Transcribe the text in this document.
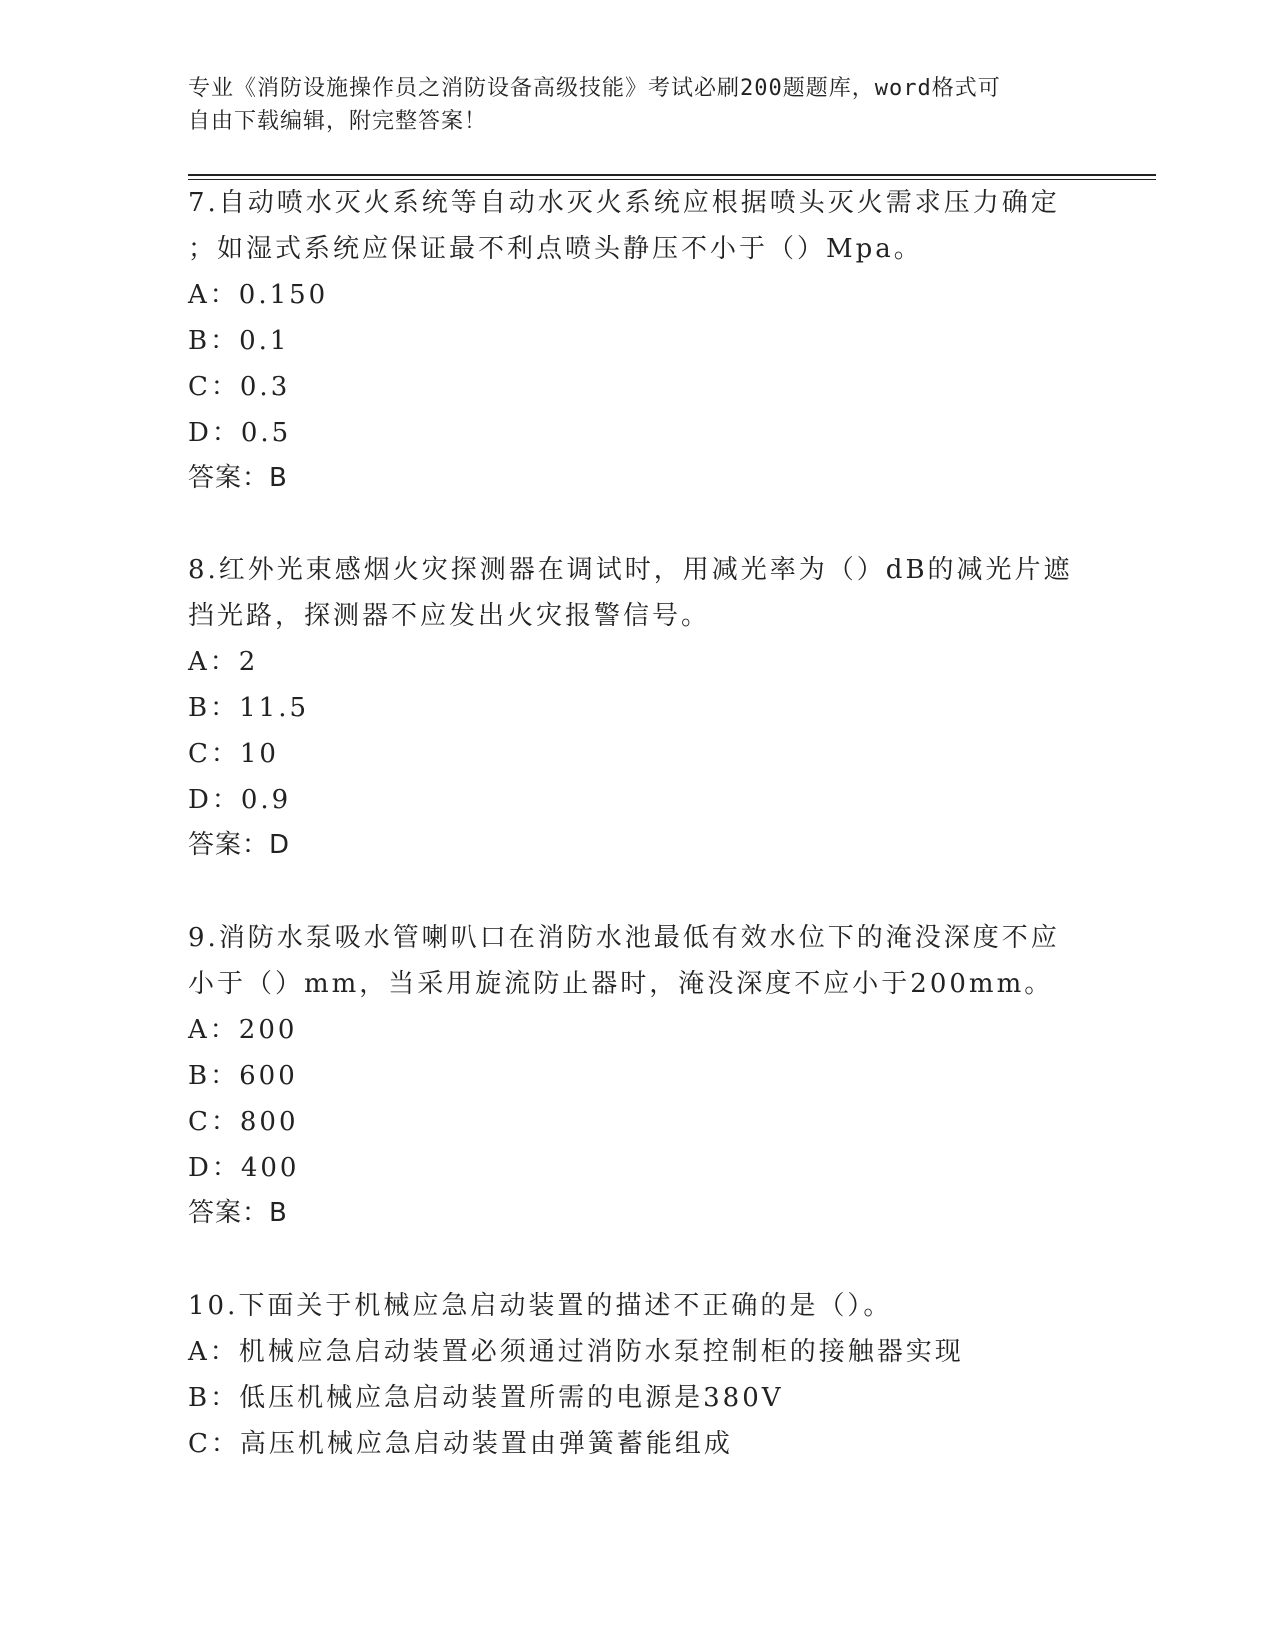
专业《消防设施操作员之消防设备高级技能》考试必刷200题题库，word格式可
自由下载编辑，附完整答案！
7.自动喷水灭火系统等自动水灭火系统应根据喷头灭火需求压力确定
；如湿式系统应保证最不利点喷头静压不小于（）Mpa。
A：0.150
B：0.1
C：0.3
D：0.5
答案：B
8.红外光束感烟火灾探测器在调试时，用减光率为（）dB的减光片遮
挡光路，探测器不应发出火灾报警信号。
A：2
B：11.5
C：10
D：0.9
答案：D
9.消防水泵吸水管喇叭口在消防水池最低有效水位下的淹没深度不应
小于（）mm，当采用旋流防止器时，淹没深度不应小于200mm。
A：200
B：600
C：800
D：400
答案：B
10.下面关于机械应急启动装置的描述不正确的是（）。
A：机械应急启动装置必须通过消防水泵控制柜的接触器实现
B：低压机械应急启动装置所需的电源是380V
C：高压机械应急启动装置由弹簧蓄能组成
